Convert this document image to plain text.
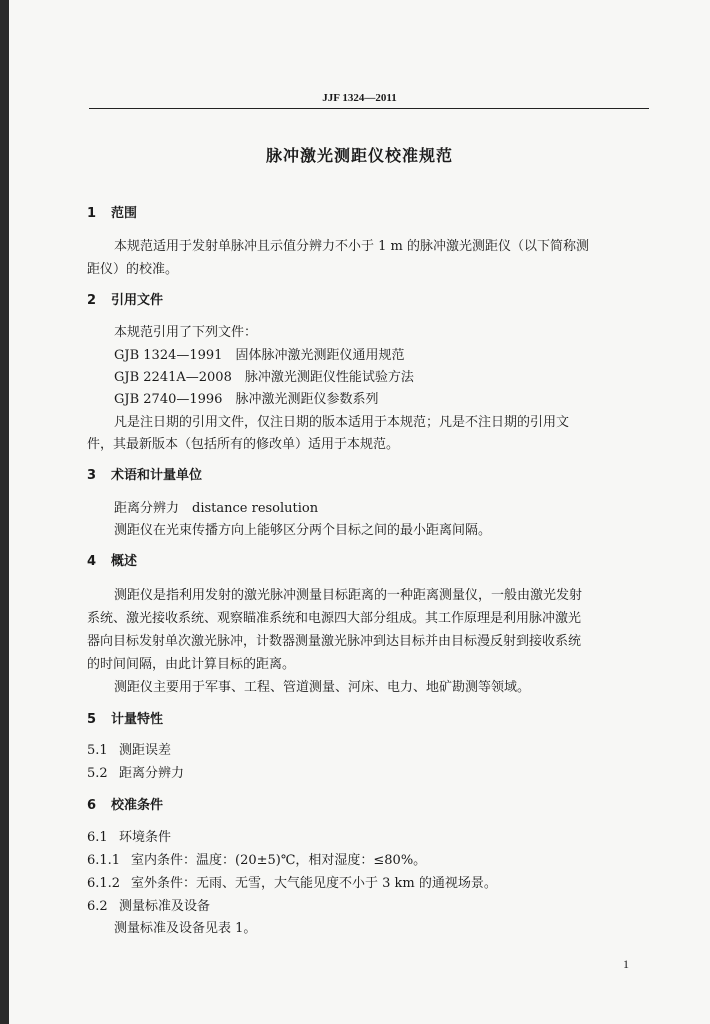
JJF 1324—2011
脉冲激光测距仪校准规范
1 范围
本规范适用于发射单脉冲且示值分辨力不小于 1 m 的脉冲激光测距仪（以下简称测
距仪）的校准。
2 引用文件
本规范引用了下列文件：
GJB 1324—1991　固体脉冲激光测距仪通用规范
GJB 2241A—2008　脉冲激光测距仪性能试验方法
GJB 2740—1996　脉冲激光测距仪参数系列
凡是注日期的引用文件，仅注日期的版本适用于本规范；凡是不注日期的引用文
件，其最新版本（包括所有的修改单）适用于本规范。
3 术语和计量单位
距离分辨力　distance resolution
测距仪在光束传播方向上能够区分两个目标之间的最小距离间隔。
4 概述
测距仪是指利用发射的激光脉冲测量目标距离的一种距离测量仪，一般由激光发射
系统、激光接收系统、观察瞄准系统和电源四大部分组成。其工作原理是利用脉冲激光
器向目标发射单次激光脉冲，计数器测量激光脉冲到达目标并由目标漫反射到接收系统
的时间间隔，由此计算目标的距离。
测距仪主要用于军事、工程、管道测量、河床、电力、地矿勘测等领域。
5 计量特性
5.1 测距误差
5.2 距离分辨力
6 校准条件
6.1 环境条件
6.1.1 室内条件：温度：(20±5)℃，相对湿度：≤80%。
6.1.2 室外条件：无雨、无雪，大气能见度不小于 3 km 的通视场景。
6.2 测量标准及设备
测量标准及设备见表 1。
1
